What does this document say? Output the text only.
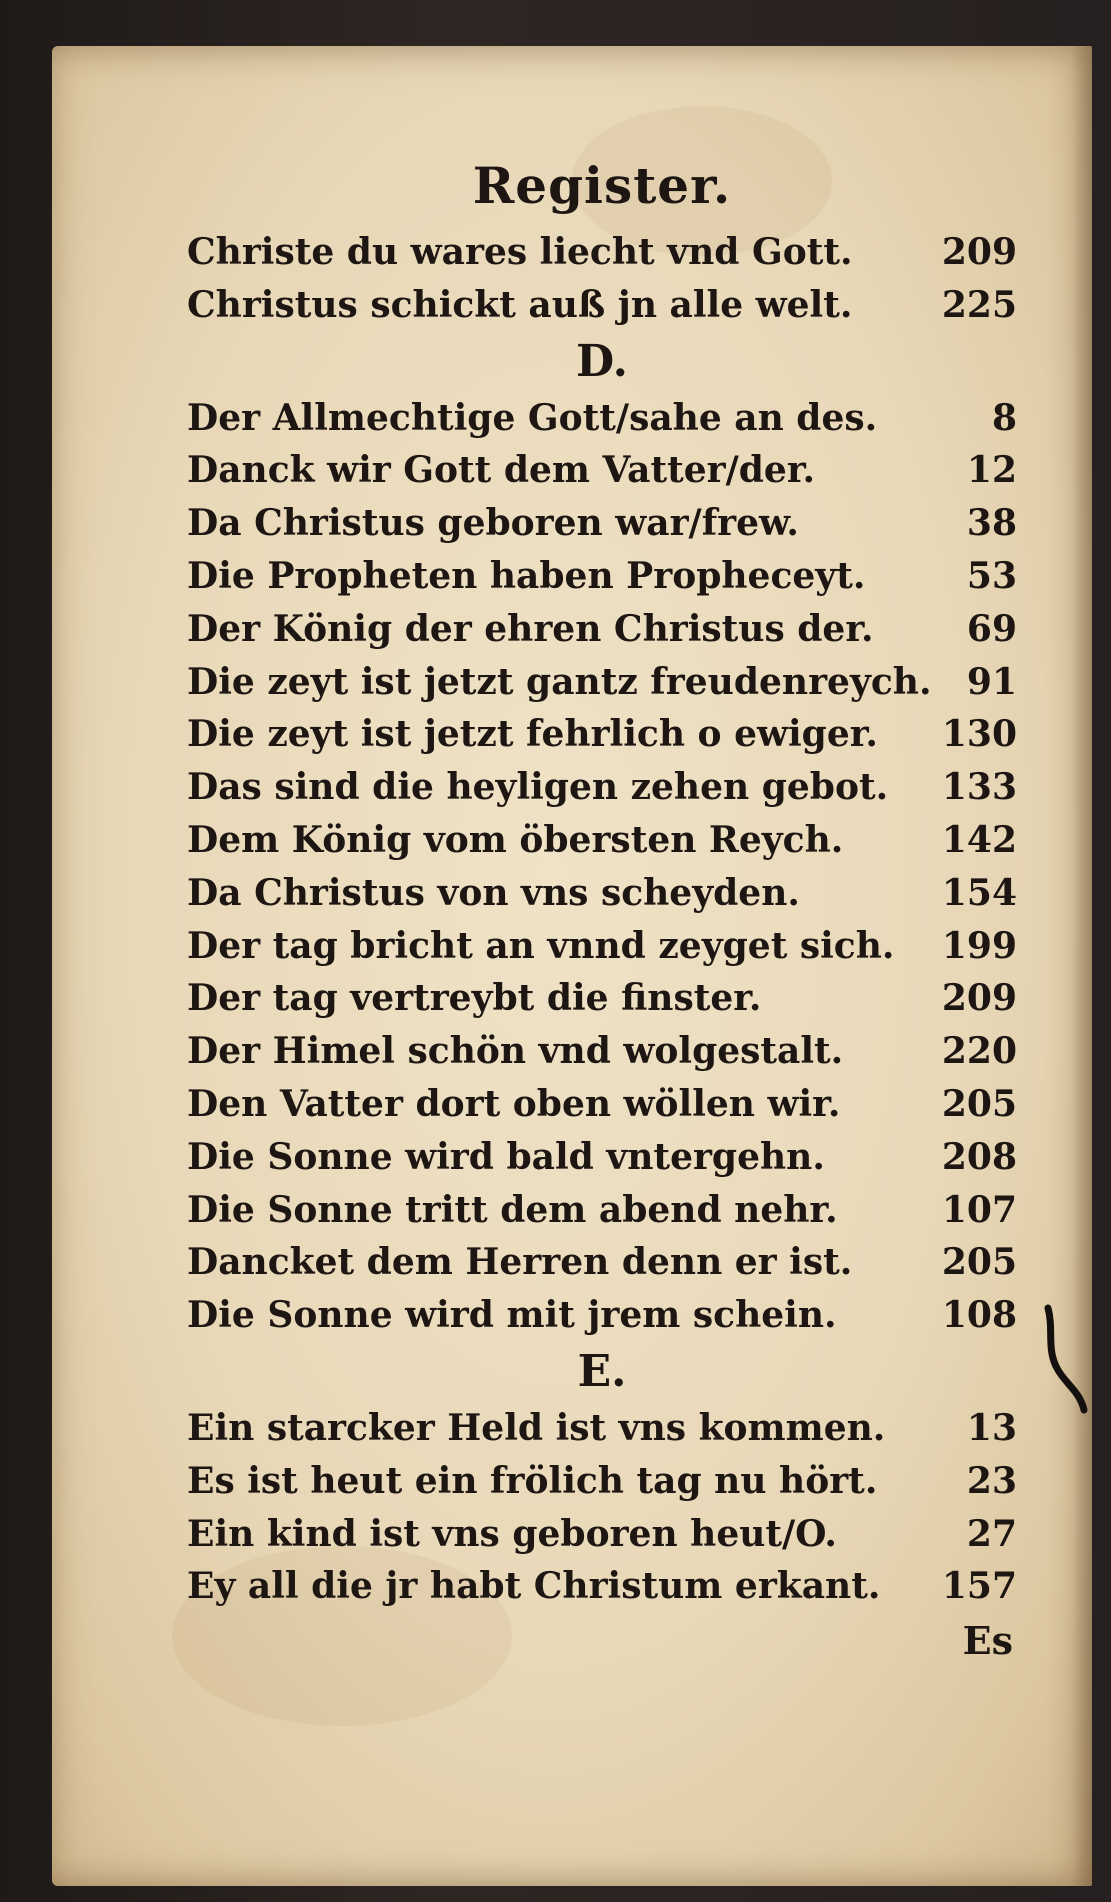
Register.
Christe du wares liecht vnd Gott.	209
Christus schickt auß jn alle welt.	225
D.
Der Allmechtige Gott/sahe an des.	8
Danck wir Gott dem Vatter/der.	12
Da Christus geboren war/frew.	38
Die Propheten haben Propheceyt.	53
Der König der ehren Christus der.	69
Die zeyt ist jetzt gantz freudenreych. 91
Die zeyt ist jetzt fehrlich o ewiger.	130
Das sind die heyligen zehen gebot.	133
Dem König vom öbersten Reych.	142
Da Christus von vns scheyden.	154
Der tag bricht an vnnd zeyget sich.	199
Der tag vertreybt die finster.	209
Der Himel schön vnd wolgestalt.	220
Den Vatter dort oben wöllen wir.	205
Die Sonne wird bald vntergehn.	208
Die Sonne tritt dem abend nehr.	107
Dancket dem Herren denn er ist.	205
Die Sonne wird mit jrem schein.	108
E.
Ein starcker Held ist vns kommen.	13
Es ist heut ein frölich tag nu hört.	23
Ein kind ist vns geboren heut/O.	27
Ey all die jr habt Christum erkant.	157
Es
